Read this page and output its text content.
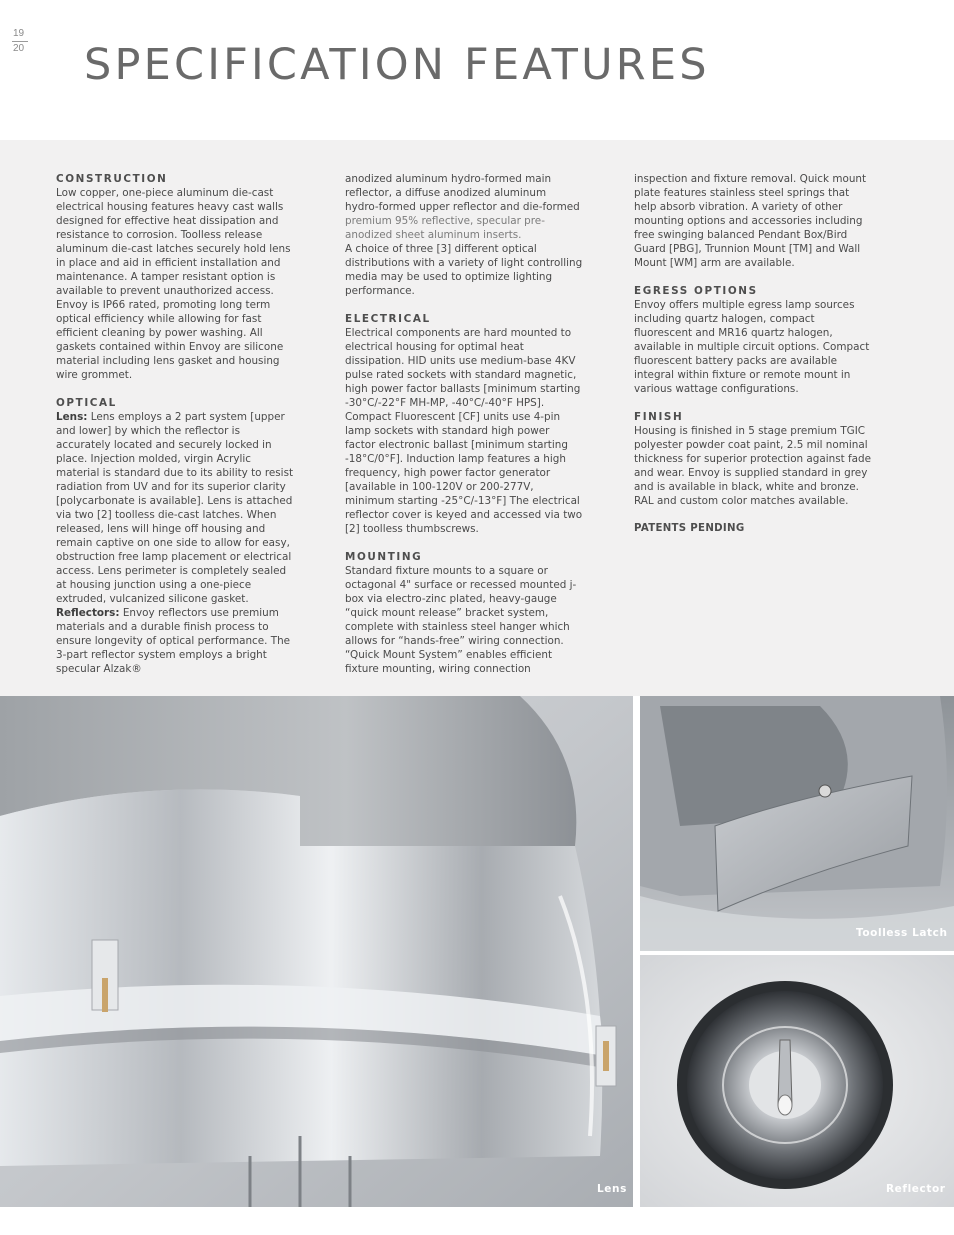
19
20 SPECIFICATION FEATURES
CONSTRUCTION

Low copper, one-piece aluminum die-cast electrical housing features heavy cast walls designed for effective heat dissipation and resistance to corrosion. Toolless release aluminum die-cast latches securely hold lens in place and aid in efficient installation and maintenance. A tamper resistant option is available to prevent unauthorized access. Envoy is IP66 rated, promoting long term optical efficiency while allowing for fast efficient cleaning by power washing. All gaskets contained within Envoy are silicone material including lens gasket and housing wire grommet.

OPTICAL

Lens: Lens employs a 2 part system [upper and lower] by which the reflector is accurately located and securely locked in place. Injection molded, virgin Acrylic material is standard due to its ability to resist radiation from UV and for its superior clarity [polycarbonate is available]. Lens is attached via two [2] toolless die-cast latches. When released, lens will hinge off housing and remain captive on one side to allow for easy, obstruction free lamp placement or electrical access. Lens perimeter is completely sealed at housing junction using a one-piece extruded, vulcanized silicone gasket. Reflectors: Envoy reflectors use premium materials and a durable finish process to ensure longevity of optical performance. The 3-part reflector system employs a bright specular Alzak®

anodized aluminum hydro-formed main reflector, a diffuse anodized aluminum hydro-formed upper reflector and die-formed premium 95% reflective, specular pre-anodized sheet aluminum inserts.

A choice of three [3] different optical distributions with a variety of light controlling media may be used to optimize lighting performance.

ELECTRICAL

Electrical components are hard mounted to electrical housing for optimal heat dissipation. HID units use medium-base 4KV pulse rated sockets with standard magnetic, high power factor ballasts [minimum starting -30°C/-22°F MH-MP, -40°C/-40°F HPS]. Compact Fluorescent [CF] units use 4-pin lamp sockets with standard high power factor electronic ballast [minimum starting -18°C/0°F]. Induction lamp features a high frequency, high power factor generator [available in 100-120V or 200-277V, minimum starting -25°C/-13°F] The electrical reflector cover is keyed and accessed via two [2] toolless thumbscrews.

MOUNTING

Standard fixture mounts to a square or octagonal 4" surface or recessed mounted j-box via electro-zinc plated, heavy-gauge “quick mount release” bracket system, complete with stainless steel hanger which allows for “hands-free” wiring connection. “Quick Mount System” enables efficient fixture mounting, wiring connection

inspection and fixture removal. Quick mount plate features stainless steel springs that help absorb vibration. A variety of other mounting options and accessories including free swinging balanced Pendant Box/Bird Guard [PBG], Trunnion Mount [TM] and Wall Mount [WM] arm are available.

EGRESS OPTIONS

Envoy offers multiple egress lamp sources including quartz halogen, compact fluorescent and MR16 quartz halogen, available in multiple circuit options. Compact fluorescent battery packs are available integral within fixture or remote mount in various wattage configurations.

FINISH

Housing is finished in 5 stage premium TGIC polyester powder coat paint, 2.5 mil nominal thickness for superior protection against fade and wear. Envoy is supplied standard in grey and is available in black, white and bronze. RAL and custom color matches available.

PATENTS PENDING

Lens
Toolless Latch
Reflector
